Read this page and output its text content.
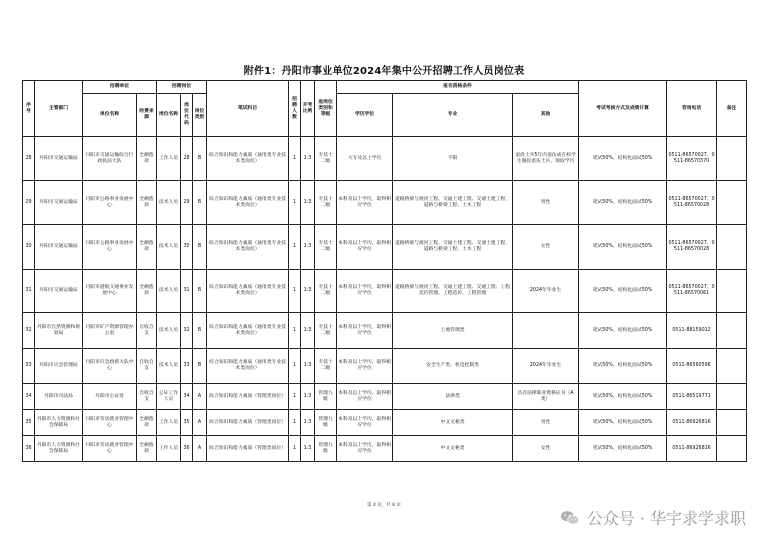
附件1：丹阳市事业单位2024年集中公开招聘工作人员岗位表
序号	主管部门	招聘单位		招聘岗位			笔试科目	招聘人数	开考比例	进岗位类别和等级	报名资格条件			考试考核方式及成绩计算	咨询电话	备注
		单位名称	经费来源	岗位名称	岗位代码	岗位类别					学历学位	专业	其他			
28	丹阳市交通运输局	丹阳市交通运输综合行政执法大队	全额拨款	工作人员	28	B	综合知识和能力素质（通用类专业技术类岗位）	1	1:3	专技十二级	大专及以上学历	不限	退役士兵5年内退伍或在校学生服役退伍士兵、领取学历	笔试50%，结构化面试50%	0511-86570027、0511-86570370	
29	丹阳市交通运输局	丹阳市公路事业发展中心	全额拨款	技术人员	29	B	综合知识和能力素质（通用类专业技术类岗位）	1	1:3	专技十二级	本科及以上学历，取得相应学位	道路桥梁与渡河工程、交通土建工程、交通土建工程、道路与桥梁工程、土木工程	男性	笔试50%，结构化面试50%	0511-86570027、0511-86570028	
30	丹阳市交通运输局	丹阳市公路事业发展中心	全额拨款	技术人员	30	B	综合知识和能力素质（通用类专业技术类岗位）	1	1:3	专技十二级	本科及以上学历，取得相应学位	道路桥梁与渡河工程、交通土建工程、交通土建工程、道路与桥梁工程、土木工程	女性	笔试50%，结构化面试50%	0511-86570027、0511-86570028	
31	丹阳市交通运输局	丹阳市港航交通事业发展中心	全额拨款	技术人员	31	B	综合知识和能力素质（通用类专业技术类岗位）	1	1:3	专技十二级	本科及以上学历，取得相应学位	道路桥梁与渡河工程、交通土建工程、交通工程、工程造价管理、工程造价、工程管理	2024年毕业生	笔试50%，结构化面试50%	0511-86570027、0511-86570061	
32	丹阳市自然资源和规划局	丹阳市矿产资源管理办公室	自收自支	技术人员	32	B	综合知识和能力素质（通用类专业技术类岗位）	1	1:3	专技十二级	本科及以上学历，取得相应学位	土地管理类		笔试50%，结构化面试50%	0511-88159012	
33	丹阳市应急管理局	丹阳市应急救援大队中心	自收自支	技术人员	33	B	综合知识和能力素质（通用类专业技术类岗位）	1	1:3	专技十二级	本科及以上学历，取得相应学位	安全生产类、机电控制类	2024年毕业生	笔试50%，结构化面试50%	0511-86560596	
34	丹阳市司法局	丹阳市公证处	自收自支	公证工作人员	34	A	综合知识和能力素质（管理类岗位）	1	1:3	管理九级	本科及以上学历，取得相应学位	法律类	具有法律职业资格证书（A类）	笔试50%，结构化面试50%	0511-86519771	
35	丹阳市人力资源和社会保障局	丹阳市劳动就业管理中心	全额拨款	工作人员	35	A	综合知识和能力素质（管理类岗位）	1	1:3	管理九级	本科及以上学历，取得相应学位	中文文秘类	男性	笔试50%，结构化面试50%	0511-86926816	
36	丹阳市人力资源和社会保障局	丹阳市劳动就业管理中心	全额拨款	工作人员	36	A	综合知识和能力素质（管理类岗位）	1	1:3	管理九级	本科及以上学历，取得相应学位	中文文秘类	女性	笔试50%，结构化面试50%	0511-86926816	
第 4 页，共 8 页
公众号 · 华宇求学求职
